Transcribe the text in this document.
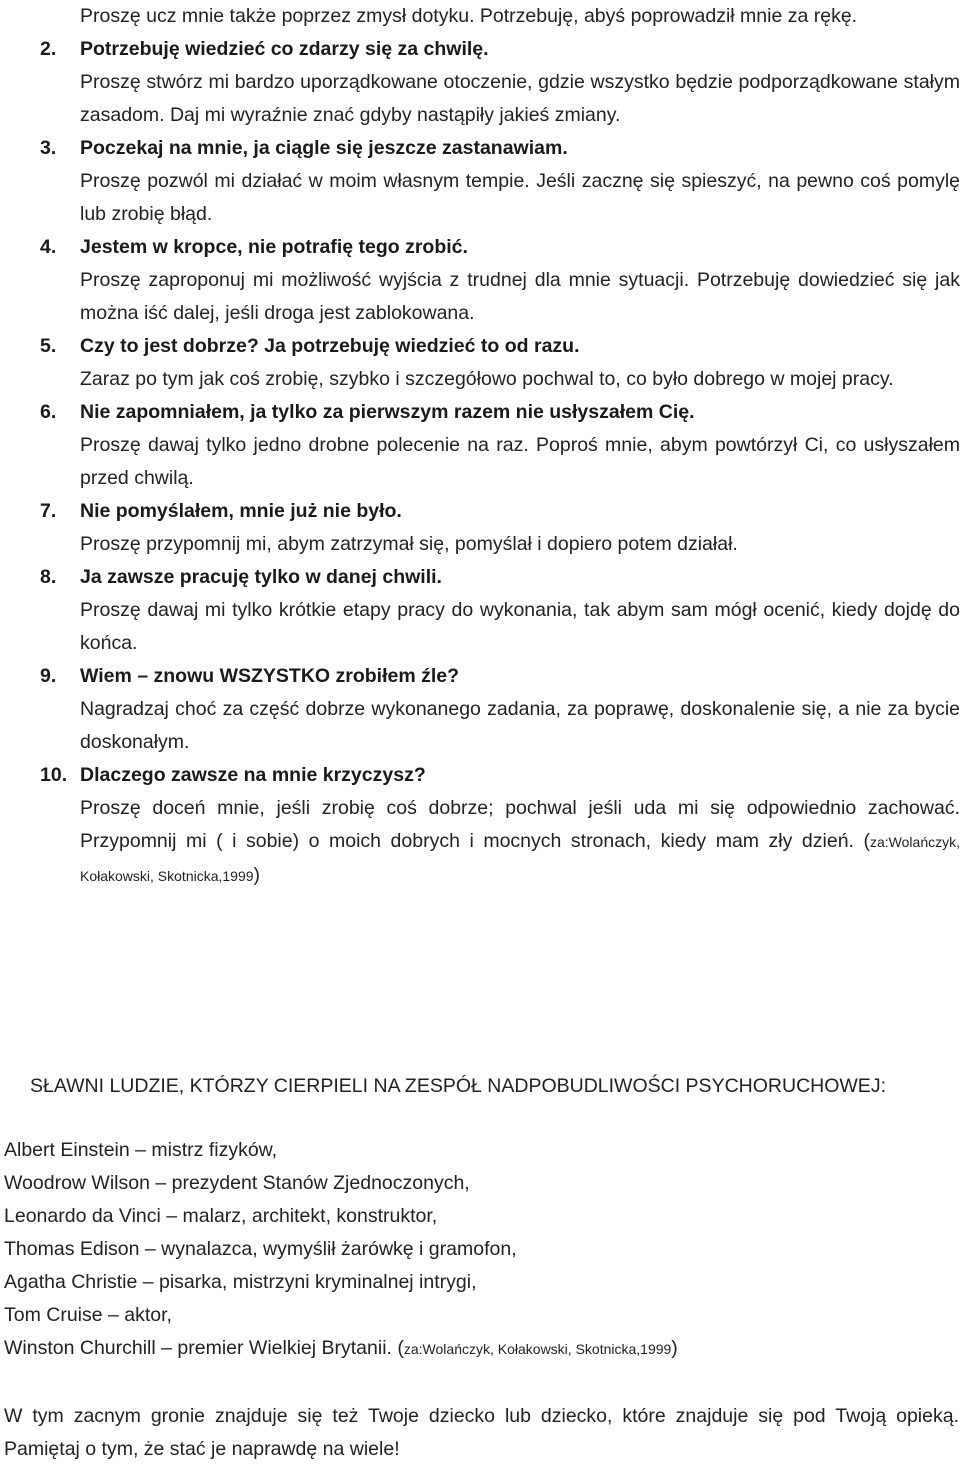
Proszę ucz mnie także poprzez zmysł dotyku. Potrzebuję, abyś poprowadził mnie za rękę.
2.	Potrzebuję wiedzieć co zdarzy się za chwilę.
Proszę stwórz mi bardzo uporządkowane otoczenie, gdzie wszystko będzie podporządkowane stałym zasadom. Daj mi wyraźnie znać gdyby nastąpiły jakieś zmiany.
3.	Poczekaj na mnie, ja ciągle się jeszcze zastanawiam.
Proszę pozwól mi działać w moim własnym tempie. Jeśli zacznę się spieszyć, na pewno coś pomylę lub zrobię błąd.
4.	Jestem w kropce, nie potrafię tego zrobić.
Proszę zaproponuj mi możliwość wyjścia z trudnej dla mnie sytuacji. Potrzebuję dowiedzieć się jak można iść dalej, jeśli droga jest zablokowana.
5.	Czy to jest dobrze? Ja potrzebuję wiedzieć to od razu.
Zaraz po tym jak coś zrobię, szybko i szczegółowo pochwal to, co było dobrego w mojej pracy.
6.	Nie zapomniałem, ja tylko za pierwszym razem nie usłyszałem Cię.
Proszę dawaj tylko jedno drobne polecenie na raz. Poproś mnie, abym powtórzył Ci, co usłyszałem przed chwilą.
7.	Nie pomyślałem, mnie już nie było.
Proszę przypomnij mi, abym zatrzymał się, pomyślał i dopiero potem działał.
8.	Ja zawsze pracuję tylko w danej chwili.
Proszę dawaj mi tylko krótkie etapy pracy do wykonania, tak abym sam mógł ocenić, kiedy dojdę do końca.
9.	Wiem – znowu WSZYSTKO zrobiłem źle?
Nagradzaj choć za część dobrze wykonanego zadania, za poprawę, doskonalenie się, a nie za bycie doskonałym.
10. Dlaczego zawsze na mnie krzyczysz?
Proszę doceń mnie, jeśli zrobię coś dobrze; pochwal jeśli uda mi się odpowiednio zachować. Przypomnij mi ( i sobie) o moich dobrych i mocnych stronach, kiedy mam zły dzień. (za:Wolańczyk, Kołakowski, Skotnicka,1999)
SŁAWNI LUDZIE, KTÓRZY CIERPIELI NA ZESPÓŁ NADPOBUDLIWOŚCI PSYCHORUCHOWEJ:
Albert Einstein – mistrz fizyków,
Woodrow Wilson – prezydent Stanów Zjednoczonych,
Leonardo da Vinci – malarz, architekt, konstruktor,
Thomas Edison – wynalazca, wymyślił żarówkę i gramofon,
Agatha Christie – pisarka, mistrzyni kryminalnej intrygi,
Tom Cruise – aktor,
Winston Churchill – premier Wielkiej Brytanii. (za:Wolańczyk, Kołakowski, Skotnicka,1999)
W tym zacnym gronie znajduje się też Twoje dziecko lub dziecko, które znajduje się pod Twoją opieką. Pamiętaj o tym, że stać je naprawdę na wiele!
